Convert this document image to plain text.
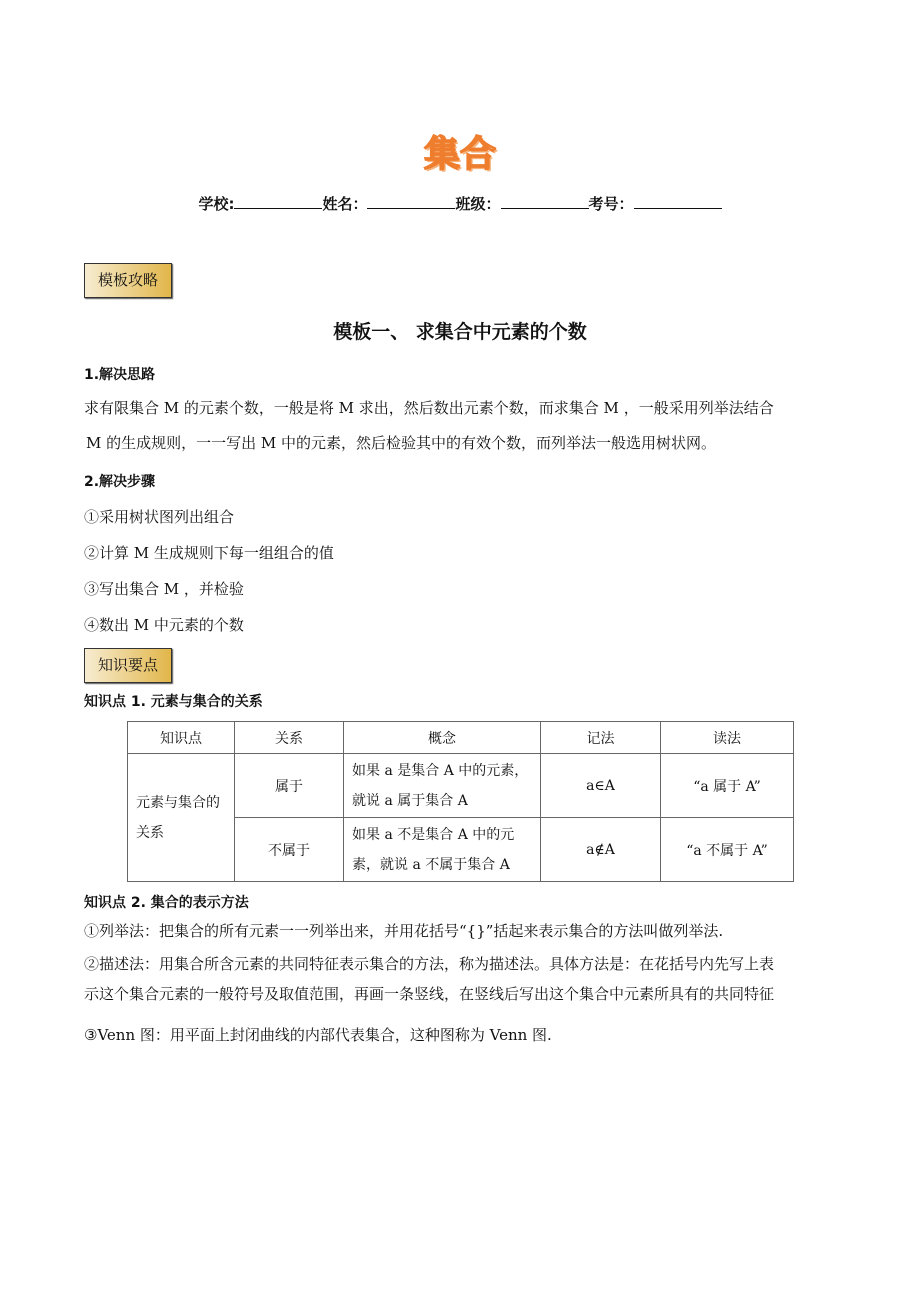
集合
学校:	姓名：	班级：	考号：
模板攻略
模板一、 求集合中元素的个数
1.解决思路
求有限集合 M 的元素个数，一般是将 M 求出，然后数出元素个数，而求集合 M ，一般采用列举法结合
M 的生成规则，一一写出 M 中的元素，然后检验其中的有效个数，而列举法一般选用树状网。
2.解决步骤
①采用树状图列出组合
②计算 M 生成规则下每一组组合的值
③写出集合 M ，并检验
④数出 M 中元素的个数
知识要点
知识点 1. 元素与集合的关系
知识点	关系	概念	记法	读法
元素与集合的关系	属于	如果 a 是集合 A 中的元素，就说 a 属于集合 A	a∈A	“a 属于 A”
	不属于	如果 a 不是集合 A 中的元素，就说 a 不属于集合 A	a∉A	“a 不属于 A”
知识点 2. 集合的表示方法
①列举法：把集合的所有元素一一列举出来，并用花括号“{}”括起来表示集合的方法叫做列举法.
②描述法：用集合所含元素的共同特征表示集合的方法，称为描述法。具体方法是：在花括号内先写上表
示这个集合元素的一般符号及取值范围，再画一条竖线，在竖线后写出这个集合中元素所具有的共同特征
③Venn 图：用平面上封闭曲线的内部代表集合，这种图称为 Venn 图.
